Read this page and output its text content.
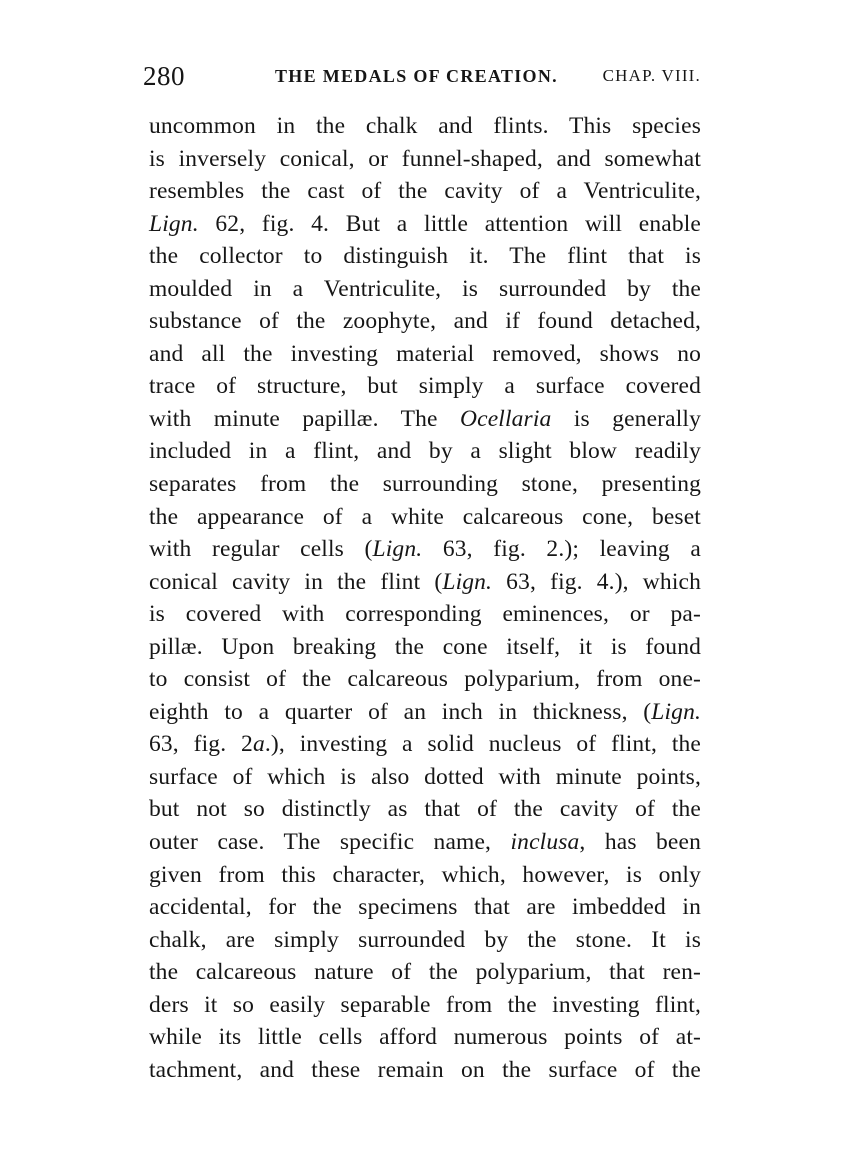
280	THE MEDALS OF CREATION.	CHAP. VIII.
uncommon in the chalk and flints. This species
is inversely conical, or funnel-shaped, and somewhat
resembles the cast of the cavity of a Ventriculite,
Lign. 62, fig. 4. But a little attention will enable
the collector to distinguish it. The flint that is
moulded in a Ventriculite, is surrounded by the
substance of the zoophyte, and if found detached,
and all the investing material removed, shows no
trace of structure, but simply a surface covered
with minute papillæ. The Ocellaria is generally
included in a flint, and by a slight blow readily
separates from the surrounding stone, presenting
the appearance of a white calcareous cone, beset
with regular cells (Lign. 63, fig. 2.); leaving a
conical cavity in the flint (Lign. 63, fig. 4.), which
is covered with corresponding eminences, or pa-
pillæ. Upon breaking the cone itself, it is found
to consist of the calcareous polyparium, from one-
eighth to a quarter of an inch in thickness, (Lign.
63, fig. 2a.), investing a solid nucleus of flint, the
surface of which is also dotted with minute points,
but not so distinctly as that of the cavity of the
outer case. The specific name, inclusa, has been
given from this character, which, however, is only
accidental, for the specimens that are imbedded in
chalk, are simply surrounded by the stone. It is
the calcareous nature of the polyparium, that ren-
ders it so easily separable from the investing flint,
while its little cells afford numerous points of at-
tachment, and these remain on the surface of the
